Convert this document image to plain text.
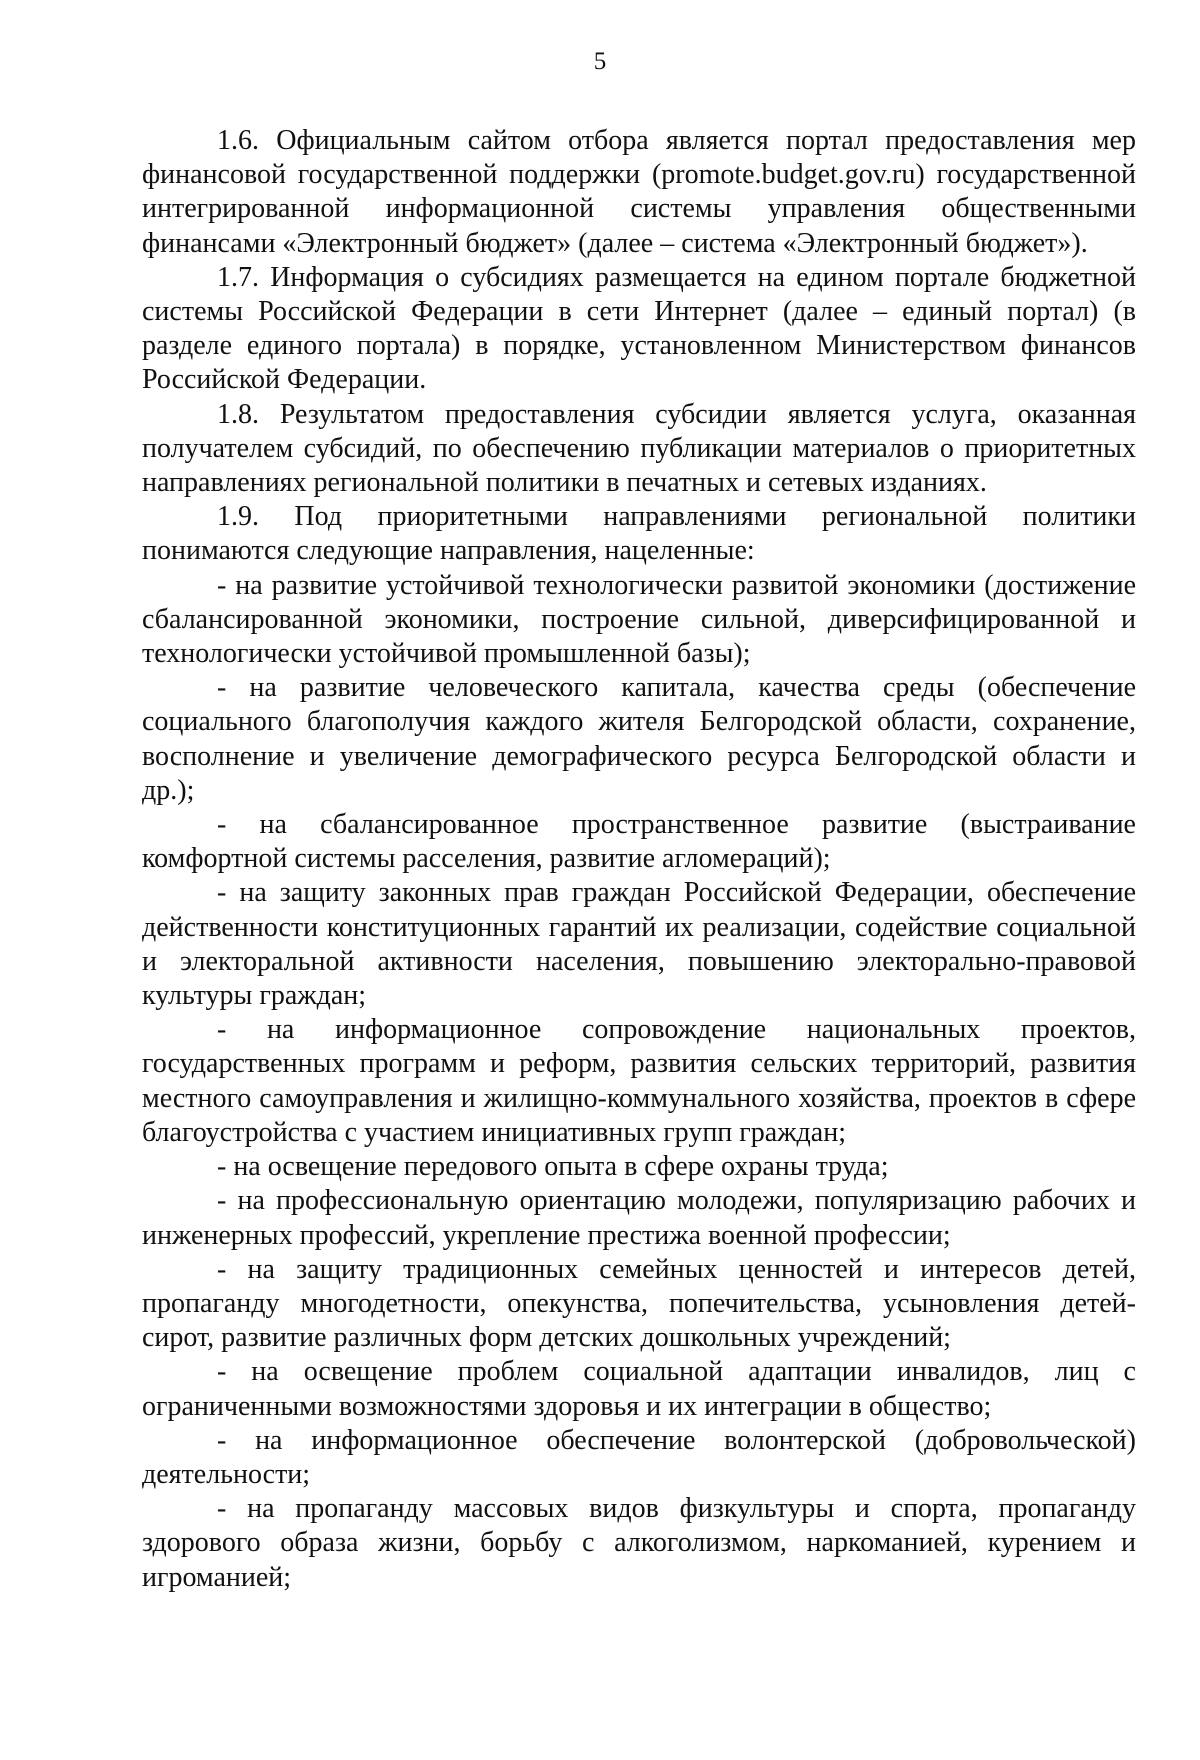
5

1.6. Официальным сайтом отбора является портал предоставления мер финансовой государственной поддержки (promote.budget.gov.ru) государственной интегрированной информационной системы управления общественными финансами «Электронный бюджет» (далее – система «Электронный бюджет»).

1.7. Информация о субсидиях размещается на едином портале бюджетной системы Российской Федерации в сети Интернет (далее – единый портал) (в разделе единого портала) в порядке, установленном Министерством финансов Российской Федерации.

1.8. Результатом предоставления субсидии является услуга, оказанная получателем субсидий, по обеспечению публикации материалов о приоритетных направлениях региональной политики в печатных и сетевых изданиях.

1.9. Под приоритетными направлениями региональной политики понимаются следующие направления, нацеленные:

- на развитие устойчивой технологически развитой экономики (достижение сбалансированной экономики, построение сильной, диверсифицированной и технологически устойчивой промышленной базы);

- на развитие человеческого капитала, качества среды (обеспечение социального благополучия каждого жителя Белгородской области, сохранение, восполнение и увеличение демографического ресурса Белгородской области и др.);

- на сбалансированное пространственное развитие (выстраивание комфортной системы расселения, развитие агломераций);

- на защиту законных прав граждан Российской Федерации, обеспечение действенности конституционных гарантий их реализации, содействие социальной и электоральной активности населения, повышению электорально-правовой культуры граждан;

- на информационное сопровождение национальных проектов, государственных программ и реформ, развития сельских территорий, развития местного самоуправления и жилищно-коммунального хозяйства, проектов в сфере благоустройства с участием инициативных групп граждан;

- на освещение передового опыта в сфере охраны труда;

- на профессиональную ориентацию молодежи, популяризацию рабочих и инженерных профессий, укрепление престижа военной профессии;

- на защиту традиционных семейных ценностей и интересов детей, пропаганду многодетности, опекунства, попечительства, усыновления детей-сирот, развитие различных форм детских дошкольных учреждений;

- на освещение проблем социальной адаптации инвалидов, лиц с ограниченными возможностями здоровья и их интеграции в общество;

- на информационное обеспечение волонтерской (добровольческой) деятельности;

- на пропаганду массовых видов физкультуры и спорта, пропаганду здорового образа жизни, борьбу с алкоголизмом, наркоманией, курением и игроманией;
